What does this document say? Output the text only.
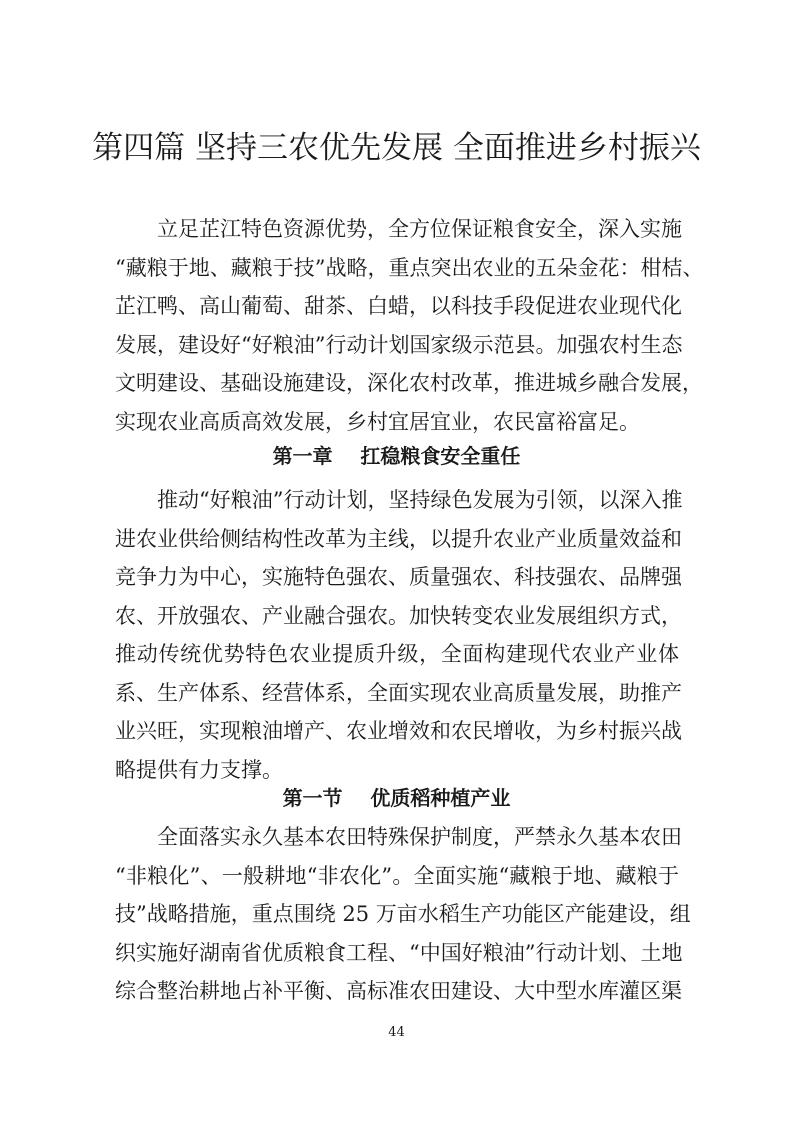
第四篇 坚持三农优先发展 全面推进乡村振兴

　　立足芷江特色资源优势，全方位保证粮食安全，深入实施

“藏粮于地、藏粮于技”战略，重点突出农业的五朵金花：柑桔、

芷江鸭、高山葡萄、甜茶、白蜡，以科技手段促进农业现代化

发展，建设好“好粮油”行动计划国家级示范县。加强农村生态

文明建设、基础设施建设，深化农村改革，推进城乡融合发展，

实现农业高质高效发展，乡村宜居宜业，农民富裕富足。

第一章    扛稳粮食安全重任

　　推动“好粮油”行动计划，坚持绿色发展为引领，以深入推

进农业供给侧结构性改革为主线，以提升农业产业质量效益和

竞争力为中心，实施特色强农、质量强农、科技强农、品牌强

农、开放强农、产业融合强农。加快转变农业发展组织方式，

推动传统优势特色农业提质升级，全面构建现代农业产业体

系、生产体系、经营体系，全面实现农业高质量发展，助推产

业兴旺，实现粮油增产、农业增效和农民增收，为乡村振兴战

略提供有力支撑。

第一节    优质稻种植产业

　　全面落实永久基本农田特殊保护制度，严禁永久基本农田

“非粮化”、一般耕地“非农化”。全面实施“藏粮于地、藏粮于

技”战略措施，重点围绕 25 万亩水稻生产功能区产能建设，组

织实施好湖南省优质粮食工程、“中国好粮油”行动计划、土地

综合整治耕地占补平衡、高标准农田建设、大中型水库灌区渠

44
